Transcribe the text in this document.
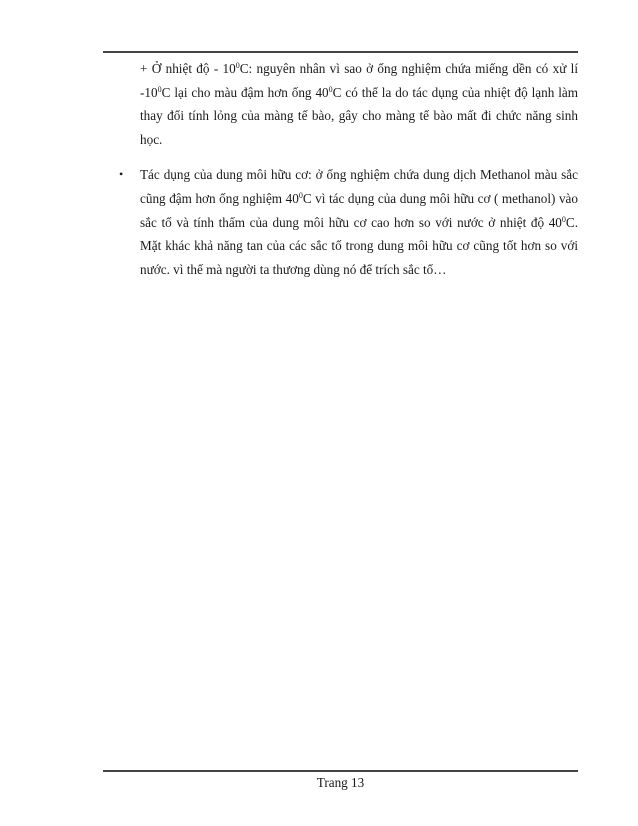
+ Ở nhiệt độ - $10^0C$: nguyên nhân vì sao ở ống nghiệm chứa miếng dền có xử lí $-10^0C$ lại cho màu đậm hơn ống $40^0C$ có thể la do tác dụng của nhiệt độ lạnh làm thay đổi tính lỏng của màng tế bào, gây cho màng tế bào mất đi chức năng sinh học.

• Tác dụng của dung môi hữu cơ: ở ống nghiệm chứa dung dịch Methanol màu sắc cũng đậm hơn ống nghiệm $40^0C$ vì tác dụng của dung môi hữu cơ ( methanol) vào sắc tố và tính thấm của dung môi hữu cơ cao hơn so với nước ở nhiệt độ $40^0C$. Mặt khác khả năng tan của các sắc tố trong dung môi hữu cơ cũng tốt hơn so với nước. vì thế mà người ta thương dùng nó để trích sắc tố…

Trang 13
